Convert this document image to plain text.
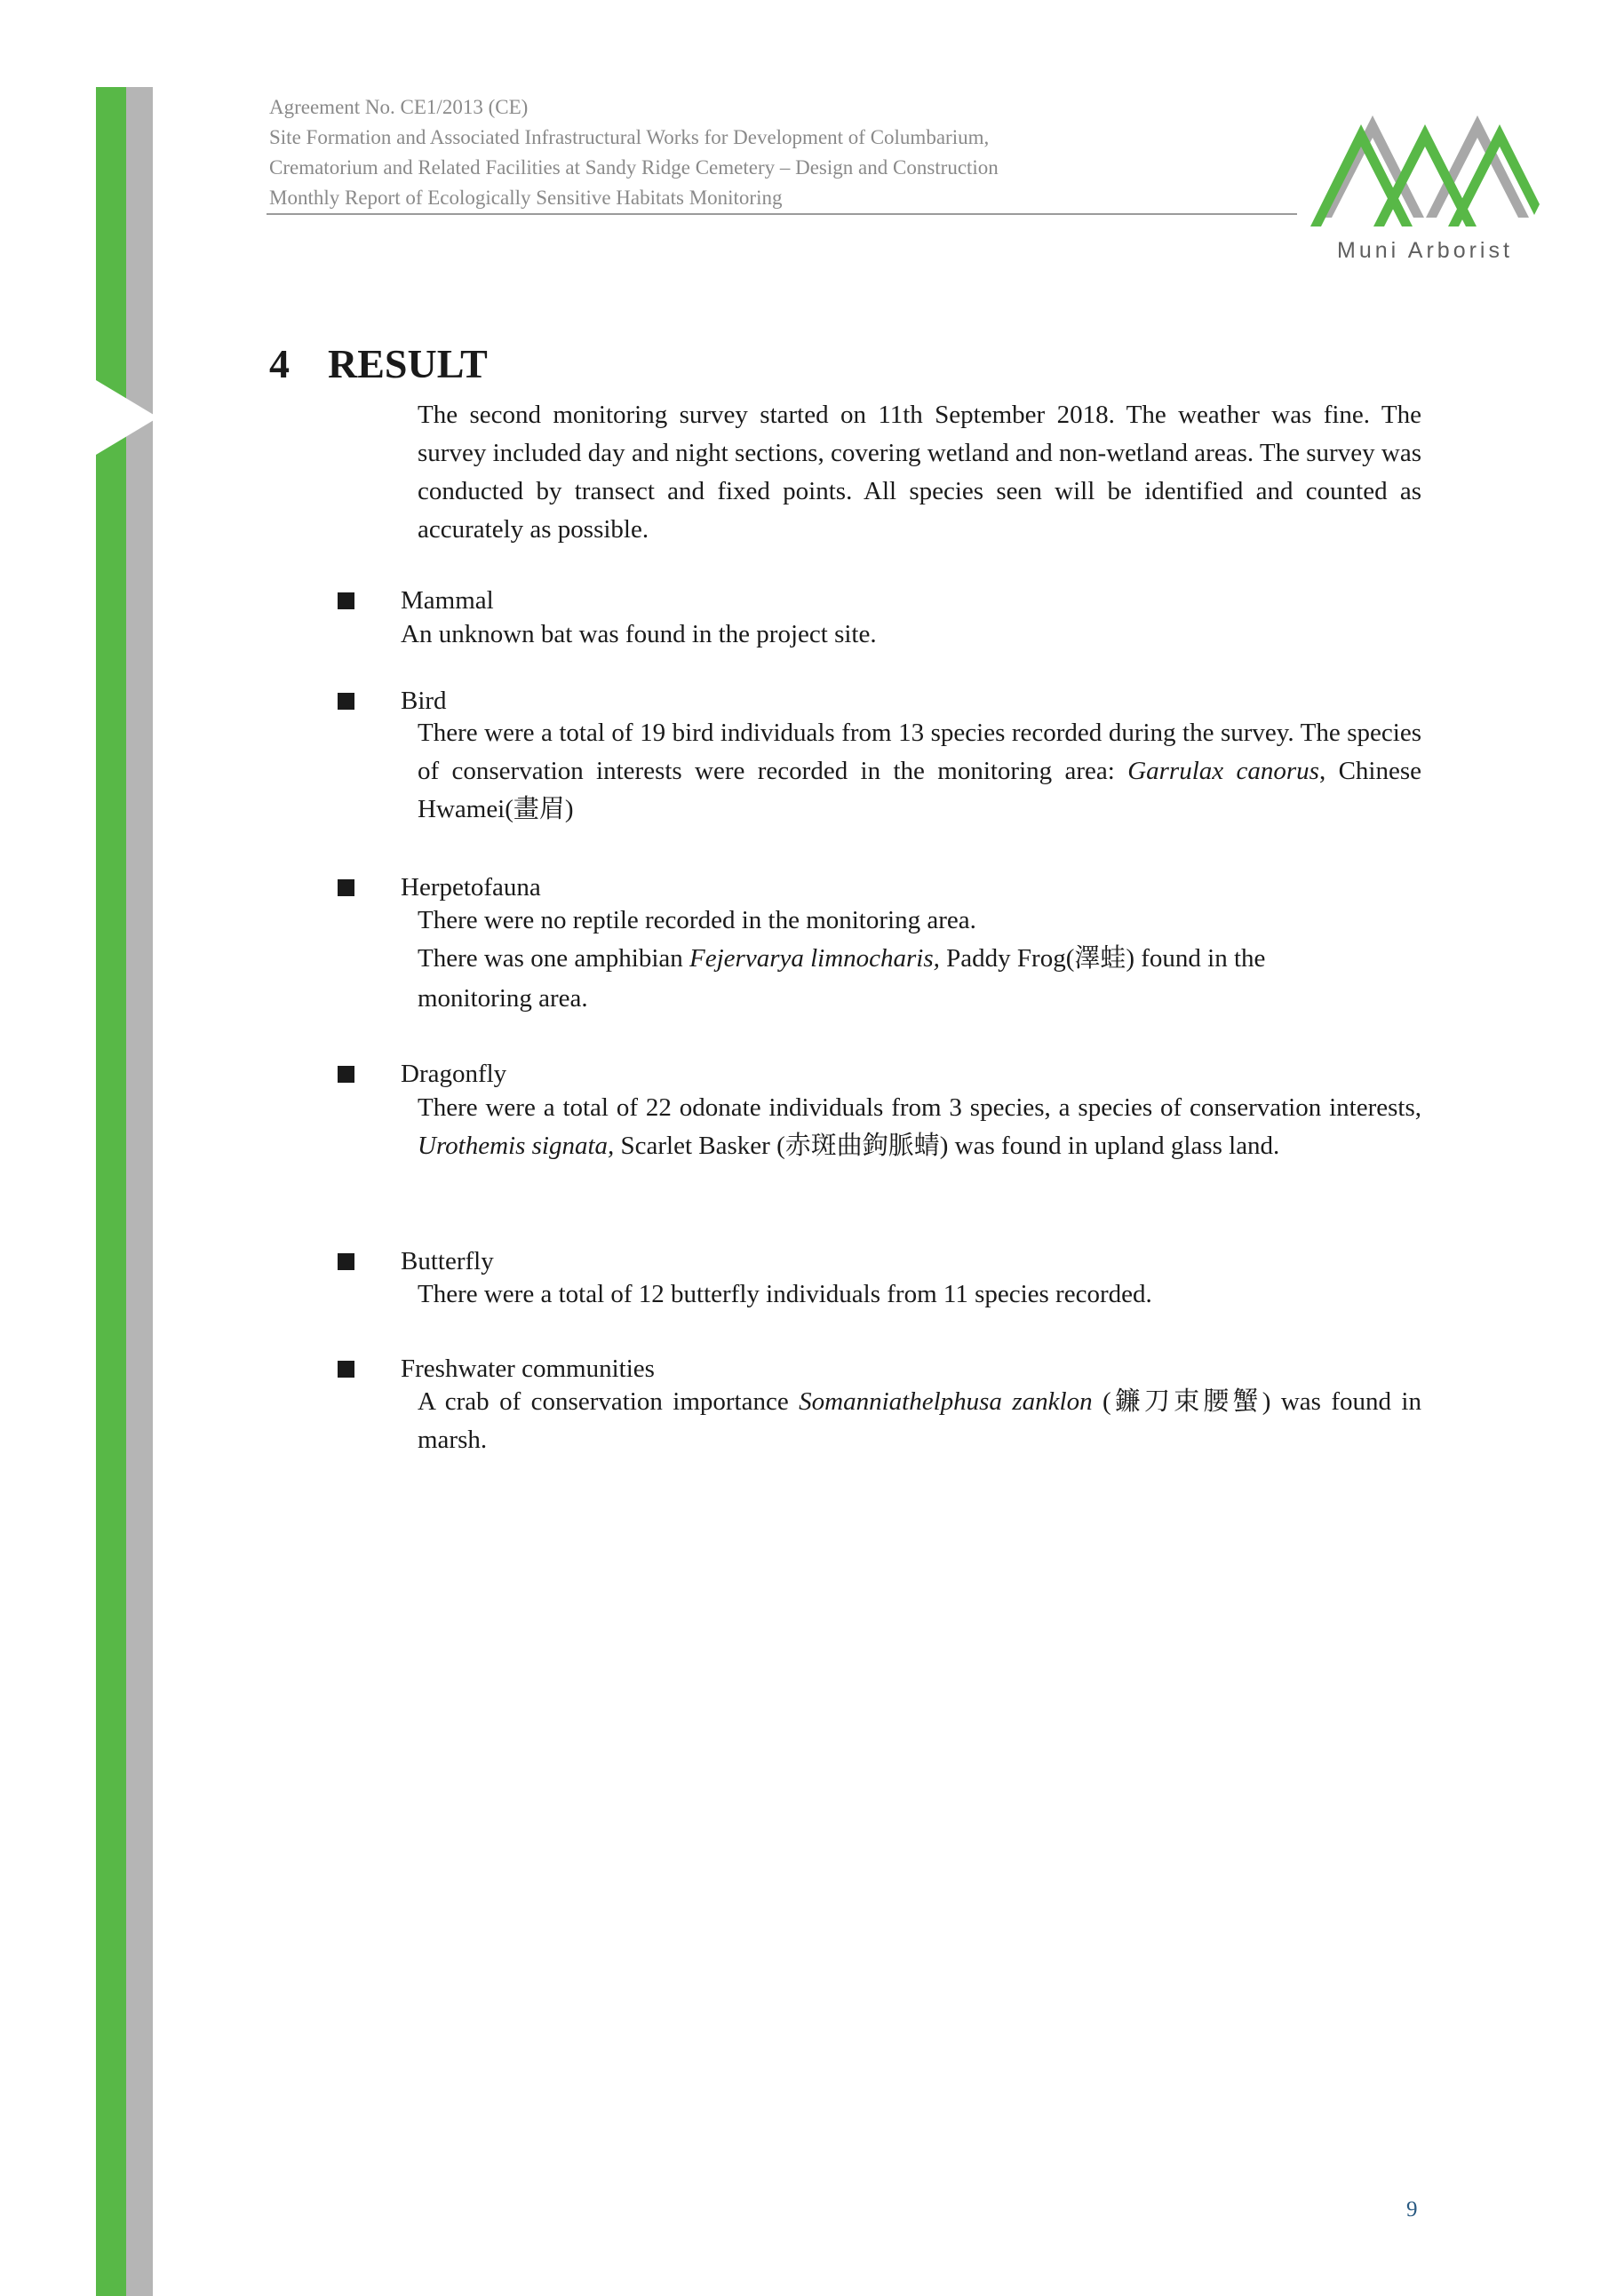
Agreement No. CE1/2013 (CE)
Site Formation and Associated Infrastructural Works for Development of Columbarium,
Crematorium and Related Facilities at Sandy Ridge Cemetery – Design and Construction
Monthly Report of Ecologically Sensitive Habitats Monitoring
Muni Arborist
4 RESULT

The second monitoring survey started on 11th September 2018. The weather was fine. The survey included day and night sections, covering wetland and non-wetland areas. The survey was conducted by transect and fixed points. All species seen will be identified and counted as accurately as possible.

Mammal

An unknown bat was found in the project site.

Bird

There were a total of 19 bird individuals from 13 species recorded during the survey. The species of conservation interests were recorded in the monitoring area: Garrulax canorus, Chinese Hwamei(畫眉)

Herpetofauna

There were no reptile recorded in the monitoring area.

There was one amphibian Fejervarya limnocharis, Paddy Frog(澤蛙) found in the

monitoring area.

Dragonfly

There were a total of 22 odonate individuals from 3 species, a species of conservation interests, Urothemis signata, Scarlet Basker (赤斑曲鉤脈蜻) was found in upland glass land.

Butterfly

There were a total of 12 butterfly individuals from 11 species recorded.

Freshwater communities

A crab of conservation importance Somanniathelphusa zanklon (鐮刀束腰蟹) was found in marsh.

9
